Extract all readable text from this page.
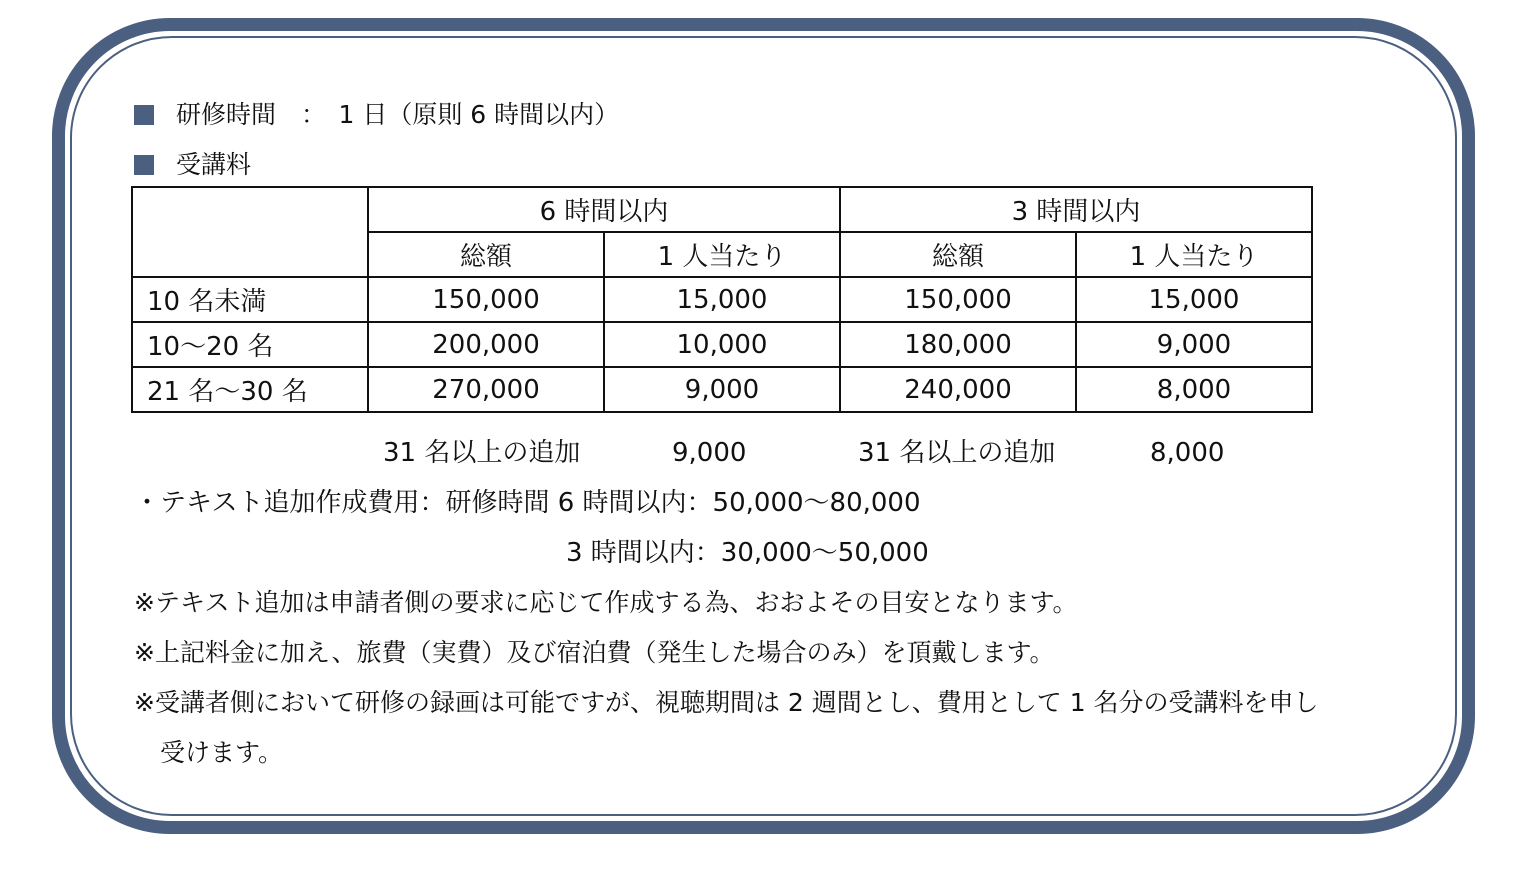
研修時間　：　1 日（原則 6 時間以内）
受講料
	6 時間以内		3 時間以内	
	総額	1 人当たり	総額	1 人当たり
10 名未満	150,000	15,000	150,000	15,000
10～20 名	200,000	10,000	180,000	9,000
21 名～30 名	270,000	9,000	240,000	8,000
31 名以上の追加	9,000	31 名以上の追加	8,000
・テキスト追加作成費用：研修時間 6 時間以内：50,000～80,000
3 時間以内：30,000～50,000
※テキスト追加は申請者側の要求に応じて作成する為、おおよその目安となります。
※上記料金に加え、旅費（実費）及び宿泊費（発生した場合のみ）を頂戴します。
※受講者側において研修の録画は可能ですが、視聴期間は 2 週間とし、費用として 1 名分の受講料を申し
受けます。
